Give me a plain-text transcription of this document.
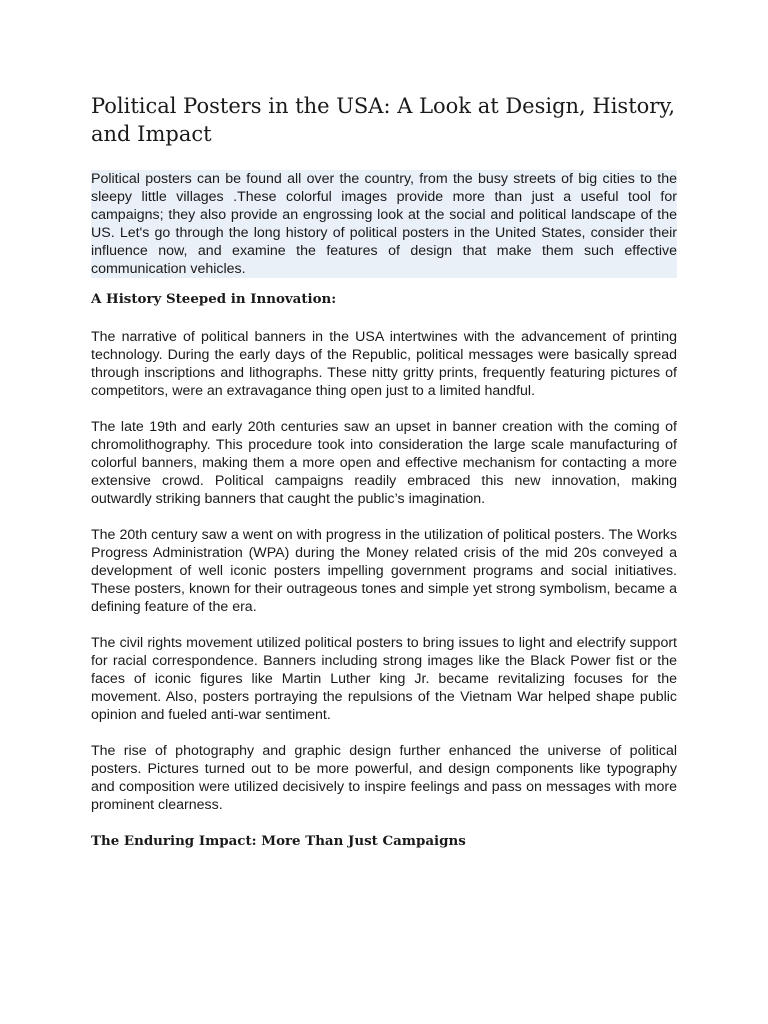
Political Posters in the USA: A Look at Design, History, and Impact

Political posters can be found all over the country, from the busy streets of big cities to the sleepy little villages .These colorful images provide more than just a useful tool for campaigns; they also provide an engrossing look at the social and political landscape of the US. Let's go through the long history of political posters in the United States, consider their influence now, and examine the features of design that make them such effective communication vehicles.

A History Steeped in Innovation:

The narrative of political banners in the USA intertwines with the advancement of printing technology. During the early days of the Republic, political messages were basically spread through inscriptions and lithographs. These nitty gritty prints, frequently featuring pictures of competitors, were an extravagance thing open just to a limited handful.

The late 19th and early 20th centuries saw an upset in banner creation with the coming of chromolithography. This procedure took into consideration the large scale manufacturing of colorful banners, making them a more open and effective mechanism for contacting a more extensive crowd. Political campaigns readily embraced this new innovation, making outwardly striking banners that caught the public’s imagination.

The 20th century saw a went on with progress in the utilization of political posters. The Works Progress Administration (WPA) during the Money related crisis of the mid 20s conveyed a development of well iconic posters impelling government programs and social initiatives. These posters, known for their outrageous tones and simple yet strong symbolism, became a defining feature of the era.

The civil rights movement utilized political posters to bring issues to light and electrify support for racial correspondence. Banners including strong images like the Black Power fist or the faces of iconic figures like Martin Luther king Jr. became revitalizing focuses for the movement. Also, posters portraying the repulsions of the Vietnam War helped shape public opinion and fueled anti-war sentiment.

The rise of photography and graphic design further enhanced the universe of political posters. Pictures turned out to be more powerful, and design components like typography and composition were utilized decisively to inspire feelings and pass on messages with more prominent clearness.

The Enduring Impact: More Than Just Campaigns
